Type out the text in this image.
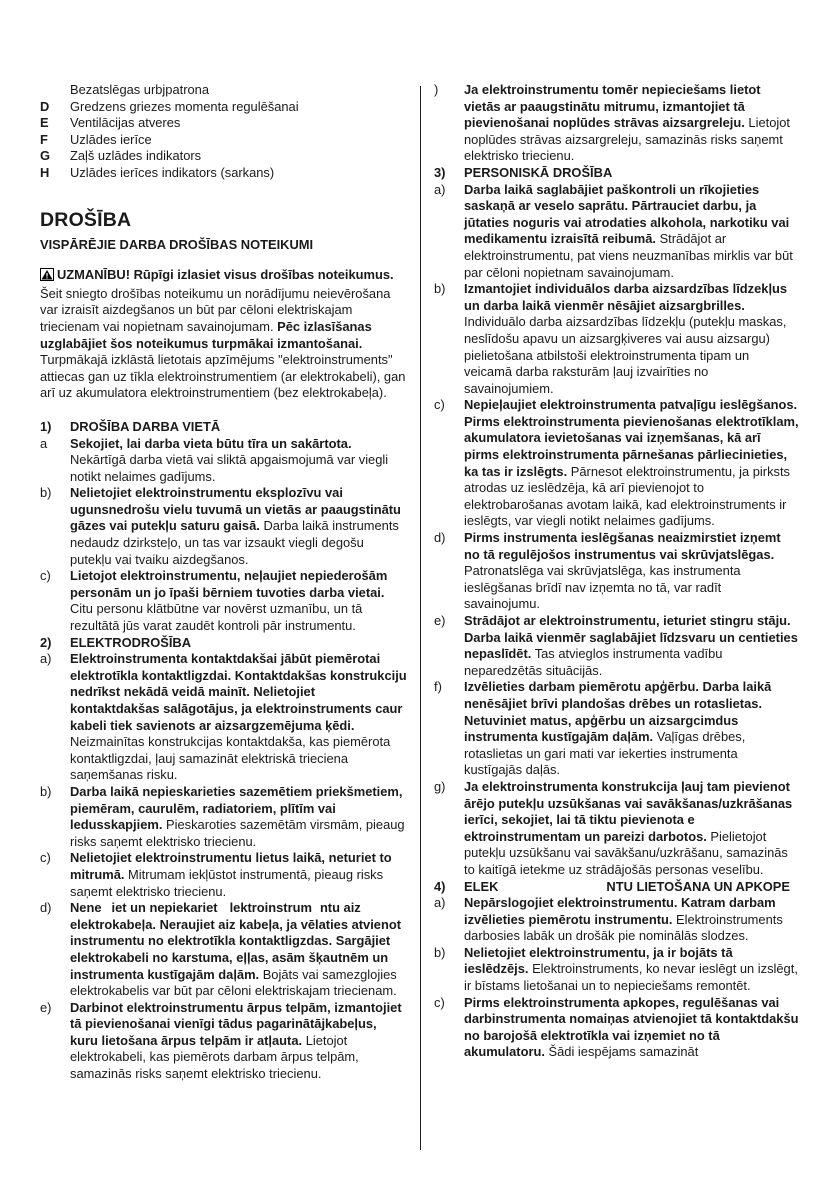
Bezatslēgas urbjpatrona
D	Gredzens griezes momenta regulēšanai
E	Ventilācijas atveres
F	Uzlādes ierīce
G	Zaļš uzlādes indikators
H	Uzlādes ierīces indikators (sarkans)
DROŠĪBA
VISPĀRĒJIE DARBA DROŠĪBAS NOTEIKUMI
UZMANĪBU! Rūpīgi izlasiet visus drošības noteikumus. Šeit sniegto drošības noteikumu un norādījumu neievērošana var izraisīt aizdegšanos un būt par cēloni elektriskajam triecienam vai nopietnam savainojumam. Pēc izlasīšanas uzglabājiet šos noteikumus turpmākai izmantošanai. Turpmākajā izklāstā lietotais apzīmējums "elektroinstruments" attiecas gan uz tīkla elektroinstrumentiem (ar elektrokabeli), gan arī uz akumulatora elektroinstrumentiem (bez elektrokabeļa).
1)	DROŠĪBA DARBA VIETĀ
a	Sekojiet, lai darba vieta būtu tīra un sakārtota. Nekārtīgā darba vietā vai sliktā apgaismojumā var viegli notikt nelaimes gadījums.
b)	Nelietojiet elektroinstrumentu eksplozīvu vai ugunsnedrošu vielu tuvumā un vietās ar paaugstinātu gāzes vai putekļu saturu gaisā. Darba laikā instruments nedaudz dzirksteļo, un tas var izsaukt viegli degošu putekļu vai tvaiku aizdegšanos.
c)	Lietojot elektroinstrumentu, neļaujiet nepiederošām personām un jo īpaši bērniem tuvoties darba vietai. Citu personu klātbūtne var novērst uzmanību, un tā rezultātā jūs varat zaudēt kontroli pār instrumentu.
2)	ELEKTRODROŠĪBA
a)	Elektroinstrumenta kontaktdakšai jābūt piemērotai elektrotīkla kontaktligzdai. Kontaktdakšas konstrukciju nedrīkst nekādā veidā mainīt. Nelietojiet kontaktdakšas salāgotājus, ja elektroinstruments caur kabeli tiek savienots ar aizsargzemējuma ķēdi. Neizmainītas konstrukcijas kontaktdakša, kas piemērota kontaktligzdai, ļauj samazināt elektriskā trieciena saņemšanas risku.
b)	Darba laikā nepieskarieties sazemētiem priekšmetiem, piemēram, caurulēm, radiatoriem, plītīm vai ledusskapjiem. Pieskaroties sazemētām virsmām, pieaug risks saņemt elektrisko triecienu.
c)	Nelietojiet elektroinstrumentu lietus laikā, neturiet to mitrumā. Mitrumam iekļūstot instrumentā, pieaug risks saņemt elektrisko triecienu.
d)	Nene iet un nepiekariet lektroinstrum ntu aiz elektrokabeļa. Neraujiet aiz kabeļa, ja vēlaties atvienot instrumentu no elektrotīkla kontaktligzdas. Sargājiet elektrokabeli no karstuma, eļļas, asām šķautnēm un instrumenta kustīgajām daļām. Bojāts vai samezglojies elektrokabelis var būt par cēloni elektriskajam triecienam.
e)	Darbinot elektroinstrumentu ārpus telpām, izmantojiet tā pievienošanai vienīgi tādus pagarinātājkabeļus, kuru lietošana ārpus telpām ir atļauta. Lietojot elektrokabeli, kas piemērots darbam ārpus telpām, samazinās risks saņemt elektrisko triecienu.
)	Ja elektroinstrumentu tomēr nepieciešams lietot vietās ar paaugstinātu mitrumu, izmantojiet tā pievienošanai noplūdes strāvas aizsargreleju. Lietojot noplūdes strāvas aizsargreleju, samazinās risks saņemt elektrisko triecienu.
3)	PERSONISKĀ DROŠĪBA
a)	Darba laikā saglabājiet paškontroli un rīkojieties saskaņā ar veselo saprātu. Pārtrauciet darbu, ja jūtaties noguris vai atrodaties alkohola, narkotiku vai medikamentu izraisītā reibumā. Strādājot ar elektroinstrumentu, pat viens neuzmanības mirklis var būt par cēloni nopietnam savainojumam.
b)	Izmantojiet individuālos darba aizsardzības līdzekļus un darba laikā vienmēr nēsājiet aizsargbrilles. Individuālo darba aizsardzības līdzekļu (putekļu maskas, neslīdošu apavu un aizsargķiveres vai ausu aizsargu) pielietošana atbilstoši elektroinstrumenta tipam un veicamā darba raksturām ļauj izvairīties no savainojumiem.
c)	Nepieļaujiet elektroinstrumenta patvaļīgu ieslēgšanos. Pirms elektroinstrumenta pievienošanas elektrotīklam, akumulatora ievietošanas vai izņemšanas, kā arī pirms elektroinstrumenta pārnešanas pārliecinieties, ka tas ir izslēgts. Pārnesot elektroinstrumentu, ja pirksts atrodas uz ieslēdzēja, kā arī pievienojot to elektrobarošanas avotam laikā, kad elektroinstruments ir ieslēgts, var viegli notikt nelaimes gadījums.
d)	Pirms instrumenta ieslēgšanas neaizmirstiet izņemt no tā regulējošos instrumentus vai skrūvjatslēgas. Patronatslēga vai skrūvjatslēga, kas instrumenta ieslēgšanas brīdī nav izņemta no tā, var radīt savainojumu.
e)	Strādājot ar elektroinstrumentu, ieturiet stingru stāju. Darba laikā vienmēr saglabājiet līdzsvaru un centieties nepaslīdēt. Tas atvieglos instrumenta vadību neparedzētās situācijās.
f)	Izvēlieties darbam piemērotu apģērbu. Darba laikā nenēsājiet brīvi plandošas drēbes un rotaslietas. Netuviniet matus, apģērbu un aizsargcimdus instrumenta kustīgajām daļām. Vaļīgas drēbes, rotaslietas un gari mati var iekerties instrumenta kustīgajās daļās.
g)	Ja elektroinstrumenta konstrukcija ļauj tam pievienot ārējo putekļu uzsūkšanas vai savākšanas/uzkrāšanas ierīci, sekojiet, lai tā tiktu pievienota e ektroinstrumentam un pareizi darbotos. Pielietojot putekļu uzsūkšanu vai savākšanu/uzkrāšanu, samazinās to kaitīgā ietekme uz strādājošās personas veselību.
4)	ELEK	NTU LIETOŠANA UN APKOPE
a)	Nepārslogojiet elektroinstrumentu. Katram darbam izvēlieties piemērotu instrumentu. Elektroinstruments darbosies labāk un drošāk pie nominālās slodzes.
b)	Nelietojiet elektroinstrumentu, ja ir bojāts tā ieslēdzējs. Elektroinstruments, ko nevar ieslēgt un izslēgt, ir bīstams lietošanai un to nepieciešams remontēt.
c)	Pirms elektroinstrumenta apkopes, regulēšanas vai darbinstrumenta nomaiņas atvienojiet tā kontaktdakšu no barojošā elektrotīkla vai izņemiet no tā akumulatoru. Šādi iespējams samazināt
